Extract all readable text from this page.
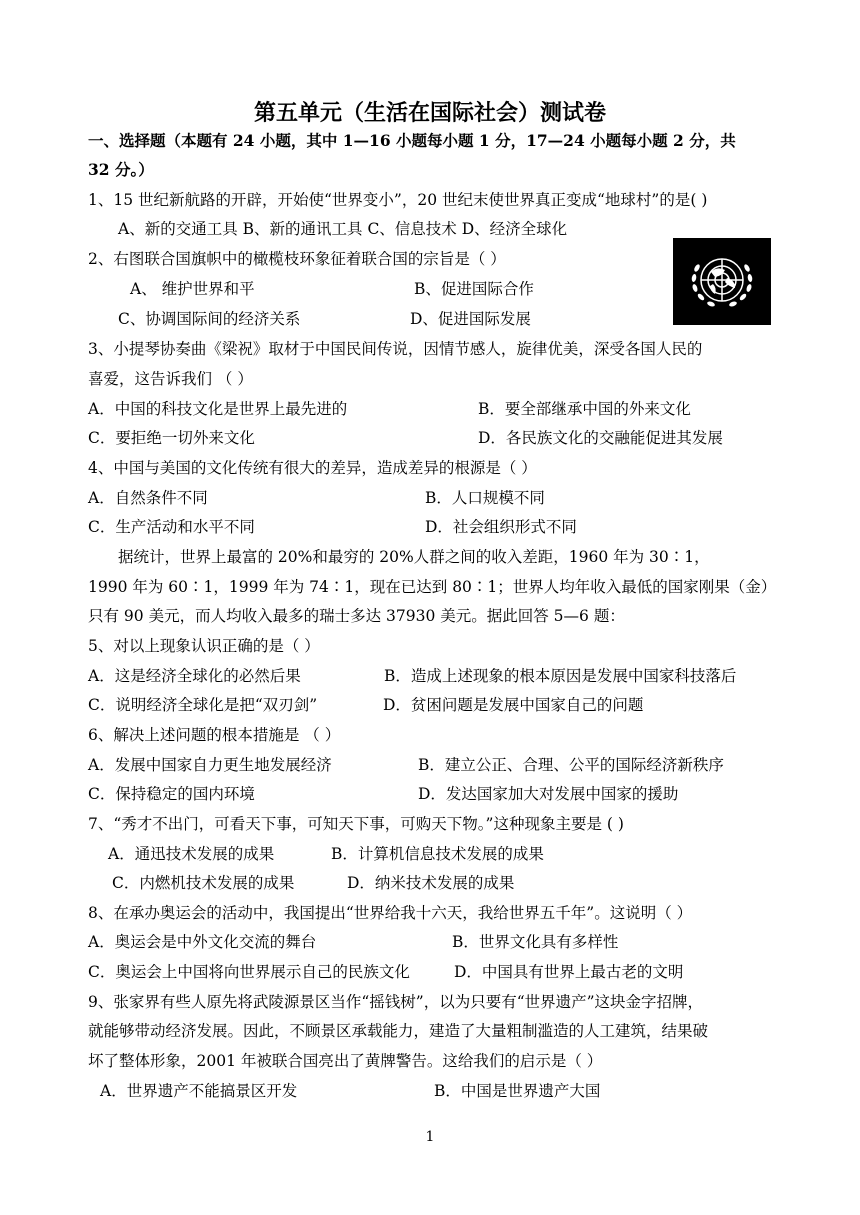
第五单元（生活在国际社会）测试卷
一、选择题（本题有 24 小题，其中 1—16 小题每小题 1 分，17—24 小题每小题 2 分，共
32 分。）
1、15 世纪新航路的开辟，开始使“世界变小”，20 世纪末使世界真正变成“地球村”的是( )
A、新的交通工具 B、新的通讯工具 C、信息技术 D、经济全球化
2、右图联合国旗帜中的橄榄枝环象征着联合国的宗旨是（ ）
A、 维护世界和平	B、促进国际合作
C、协调国际间的经济关系	D、促进国际发展
3、小提琴协奏曲《梁祝》取材于中国民间传说，因情节感人，旋律优美，深受各国人民的
喜爱，这告诉我们 （ ）
A．中国的科技文化是世界上最先进的	B．要全部继承中国的外来文化
C．要拒绝一切外来文化	D．各民族文化的交融能促进其发展
4、中国与美国的文化传统有很大的差异，造成差异的根源是（ ）
A．自然条件不同	B．人口规模不同
C．生产活动和水平不同	D．社会组织形式不同
据统计，世界上最富的 20%和最穷的 20%人群之间的收入差距，1960 年为 30∶1，
1990 年为 60∶1，1999 年为 74∶1，现在已达到 80∶1；世界人均年收入最低的国家刚果（金）
只有 90 美元，而人均收入最多的瑞士多达 37930 美元。据此回答 5—6 题：
5、对以上现象认识正确的是（ ）
A．这是经济全球化的必然后果	B．造成上述现象的根本原因是发展中国家科技落后
C．说明经济全球化是把“双刃剑”	D．贫困问题是发展中国家自己的问题
6、解决上述问题的根本措施是 （ ）
A．发展中国家自力更生地发展经济	B．建立公正、合理、公平的国际经济新秩序
C．保持稳定的国内环境	D．发达国家加大对发展中国家的援助
7、“秀才不出门，可看天下事，可知天下事，可购天下物。”这种现象主要是 ( )
A．通迅技术发展的成果	B．计算机信息技术发展的成果
C．内燃机技术发展的成果	D．纳米技术发展的成果
8、在承办奥运会的活动中，我国提出“世界给我十六天，我给世界五千年”。这说明（ ）
A．奥运会是中外文化交流的舞台	B．世界文化具有多样性
C．奥运会上中国将向世界展示自己的民族文化	D．中国具有世界上最古老的文明
9、张家界有些人原先将武陵源景区当作“摇钱树”，以为只要有“世界遗产”这块金字招牌，
就能够带动经济发展。因此，不顾景区承载能力，建造了大量粗制滥造的人工建筑，结果破
坏了整体形象，2001 年被联合国亮出了黄牌警告。这给我们的启示是（ ）
A．世界遗产不能搞景区开发	B．中国是世界遗产大国
1
